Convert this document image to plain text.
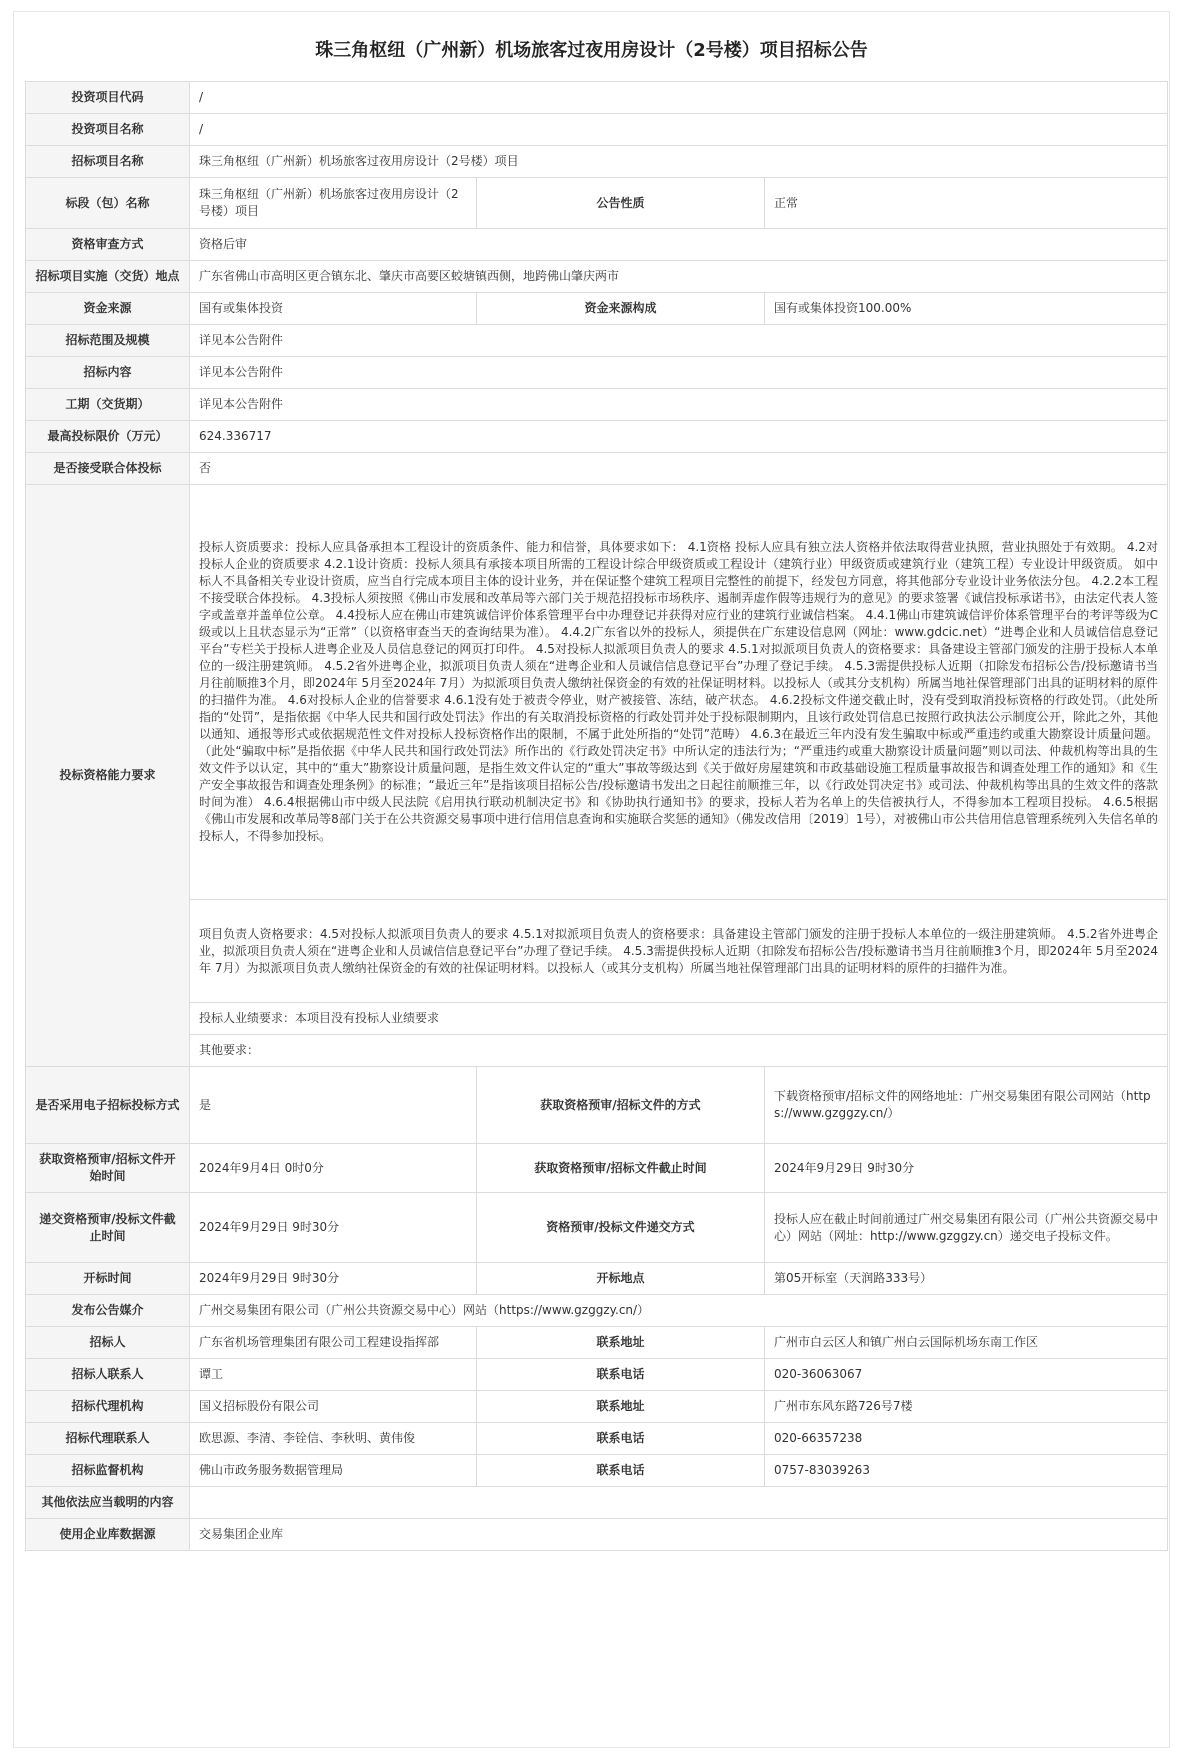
珠三角枢纽（广州新）机场旅客过夜用房设计（2号楼）项目招标公告
投资项目代码	/		
投资项目名称	/		
招标项目名称	珠三角枢纽（广州新）机场旅客过夜用房设计（2号楼）项目		
标段（包）名称	珠三角枢纽（广州新）机场旅客过夜用房设计（2号楼）项目	公告性质	正常
资格审查方式	资格后审		
招标项目实施（交货）地点	广东省佛山市高明区更合镇东北、肇庆市高要区蛟塘镇西侧，地跨佛山肇庆两市		
资金来源	国有或集体投资	资金来源构成	国有或集体投资100.00%
招标范围及规模	详见本公告附件		
招标内容	详见本公告附件		
工期（交货期）	详见本公告附件		
最高投标限价（万元）	624.336717		
是否接受联合体投标	否		
投标资格能力要求	投标人资质要求：投标人应具备承担本工程设计的资质条件、能力和信誉，具体要求如下： 4.1资格 投标人应具有独立法人资格并依法取得营业执照，营业执照处于有效期。 4.2对投标人企业的资质要求 4.2.1设计资质：投标人须具有承接本项目所需的工程设计综合甲级资质或工程设计（建筑行业）甲级资质或建筑行业（建筑工程）专业设计甲级资质。 如中标人不具备相关专业设计资质，应当自行完成本项目主体的设计业务，并在保证整个建筑工程项目完整性的前提下，经发包方同意，将其他部分专业设计业务依法分包。 4.2.2本工程不接受联合体投标。 4.3投标人须按照《佛山市发展和改革局等六部门关于规范招投标市场秩序、遏制弄虚作假等违规行为的意见》的要求签署《诚信投标承诺书》，由法定代表人签字或盖章并盖单位公章。 4.4投标人应在佛山市建筑诚信评价体系管理平台中办理登记并获得对应行业的建筑行业诚信档案。 4.4.1佛山市建筑诚信评价体系管理平台的考评等级为C级或以上且状态显示为“正常”（以资格审查当天的查询结果为准）。 4.4.2广东省以外的投标人，须提供在广东建设信息网（网址：www.gdcic.net）“进粤企业和人员诚信信息登记平台”专栏关于投标人进粤企业及人员信息登记的网页打印件。 4.5对投标人拟派项目负责人的要求 4.5.1对拟派项目负责人的资格要求：具备建设主管部门颁发的注册于投标人本单位的一级注册建筑师。 4.5.2省外进粤企业，拟派项目负责人须在“进粤企业和人员诚信信息登记平台”办理了登记手续。 4.5.3需提供投标人近期（扣除发布招标公告/投标邀请书当月往前顺推3个月，即2024年 5月至2024年 7月）为拟派项目负责人缴纳社保资金的有效的社保证明材料。以投标人（或其分支机构）所属当地社保管理部门出具的证明材料的原件的扫描件为准。 4.6对投标人企业的信誉要求 4.6.1没有处于被责令停业，财产被接管、冻结，破产状态。 4.6.2投标文件递交截止时，没有受到取消投标资格的行政处罚。（此处所指的“处罚”，是指依据《中华人民共和国行政处罚法》作出的有关取消投标资格的行政处罚并处于投标限制期内，且该行政处罚信息已按照行政执法公示制度公开，除此之外，其他以通知、通报等形式或依据规范性文件对投标人投标资格作出的限制，不属于此处所指的“处罚”范畴） 4.6.3在最近三年内没有发生骗取中标或严重违约或重大勘察设计质量问题。（此处“骗取中标”是指依据《中华人民共和国行政处罚法》所作出的《行政处罚决定书》中所认定的违法行为；“严重违约或重大勘察设计质量问题”则以司法、仲裁机构等出具的生效文件予以认定，其中的“重大”勘察设计质量问题，是指生效文件认定的“重大”事故等级达到《关于做好房屋建筑和市政基础设施工程质量事故报告和调查处理工作的通知》和《生产安全事故报告和调查处理条例》的标准；“最近三年”是指该项目招标公告/投标邀请书发出之日起往前顺推三年，以《行政处罚决定书》或司法、仲裁机构等出具的生效文件的落款时间为准） 4.6.4根据佛山市中级人民法院《启用执行联动机制决定书》和《协助执行通知书》的要求，投标人若为名单上的失信被执行人，不得参加本工程项目投标。 4.6.5根据《佛山市发展和改革局等8部门关于在公共资源交易事项中进行信用信息查询和实施联合奖惩的通知》（佛发改信用〔2019〕1号），对被佛山市公共信用信息管理系统列入失信名单的投标人，不得参加投标。		
	项目负责人资格要求：4.5对投标人拟派项目负责人的要求 4.5.1对拟派项目负责人的资格要求：具备建设主管部门颁发的注册于投标人本单位的一级注册建筑师。 4.5.2省外进粤企业，拟派项目负责人须在“进粤企业和人员诚信信息登记平台”办理了登记手续。 4.5.3需提供投标人近期（扣除发布招标公告/投标邀请书当月往前顺推3个月，即2024年 5月至2024年 7月）为拟派项目负责人缴纳社保资金的有效的社保证明材料。以投标人（或其分支机构）所属当地社保管理部门出具的证明材料的原件的扫描件为准。		
	投标人业绩要求：本项目没有投标人业绩要求		
	其他要求：		
是否采用电子招标投标方式	是	获取资格预审/招标文件的方式	下载资格预审/招标文件的网络地址：广州交易集团有限公司网站（https://www.gzggzy.cn/）
获取资格预审/招标文件开始时间	2024年9月4日 0时0分	获取资格预审/招标文件截止时间	2024年9月29日 9时30分
递交资格预审/投标文件截止时间	2024年9月29日 9时30分	资格预审/投标文件递交方式	投标人应在截止时间前通过广州交易集团有限公司（广州公共资源交易中心）网站（网址：http://www.gzggzy.cn）递交电子投标文件。
开标时间	2024年9月29日 9时30分	开标地点	第05开标室（天润路333号）
发布公告媒介	广州交易集团有限公司（广州公共资源交易中心）网站（https://www.gzggzy.cn/）		
招标人	广东省机场管理集团有限公司工程建设指挥部	联系地址	广州市白云区人和镇广州白云国际机场东南工作区
招标人联系人	谭工	联系电话	020-36063067
招标代理机构	国义招标股份有限公司	联系地址	广州市东风东路726号7楼
招标代理联系人	欧思源、李清、李铨信、李秋明、黄伟俊	联系电话	020-66357238
招标监督机构	佛山市政务服务数据管理局	联系电话	0757-83039263
其他依法应当载明的内容			
使用企业库数据源	交易集团企业库		
